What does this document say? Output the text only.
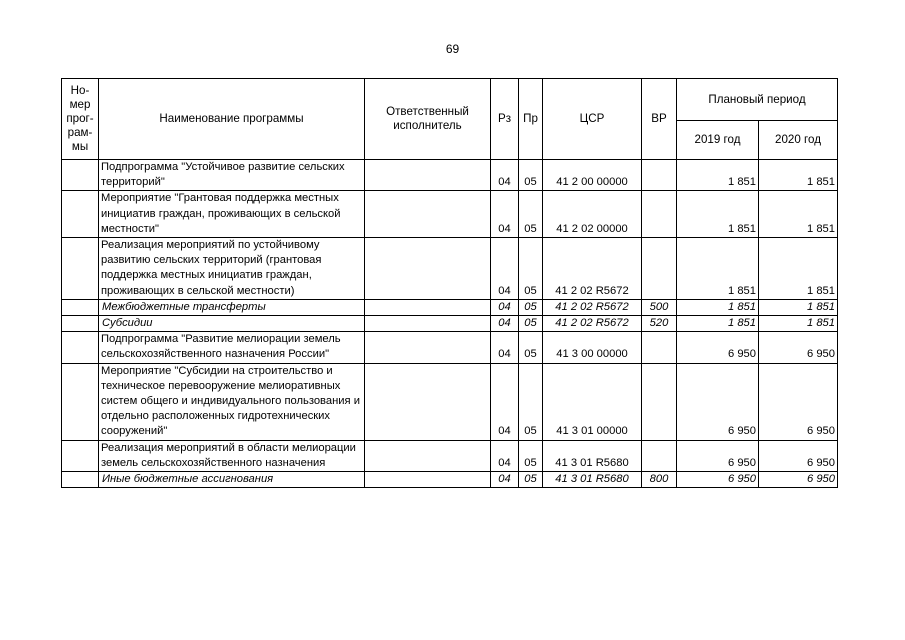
69
Но-
мер
прог-
рам-
мы	Наименование программы	Ответственный исполнитель	Рз	Пр	ЦСР	ВР	Плановый период	
							2019 год	2020 год
	Подпрограмма "Устойчивое развитие сельских территорий"		04	05	41 2 00 00000		1 851	1 851
	Мероприятие "Грантовая поддержка местных инициатив граждан, проживающих в сельской местности"		04	05	41 2 02 00000		1 851	1 851
	Реализация мероприятий по устойчивому развитию сельских территорий (грантовая поддержка местных инициатив граждан, проживающих в сельской местности)		04	05	41 2 02 R5672		1 851	1 851
	Межбюджетные трансферты		04	05	41 2 02 R5672	500	1 851	1 851
	Субсидии		04	05	41 2 02 R5672	520	1 851	1 851
	Подпрограмма "Развитие мелиорации земель сельскохозяйственного назначения России"		04	05	41 3 00 00000		6 950	6 950
	Мероприятие "Субсидии на строительство и техническое перевооружение мелиоративных систем общего и индивидуального пользования и отдельно расположенных гидротехнических сооружений"		04	05	41 3 01 00000		6 950	6 950
	Реализация мероприятий в области мелиорации земель сельскохозяйственного назначения		04	05	41 3 01 R5680		6 950	6 950
	Иные бюджетные ассигнования		04	05	41 3 01 R5680	800	6 950	6 950
